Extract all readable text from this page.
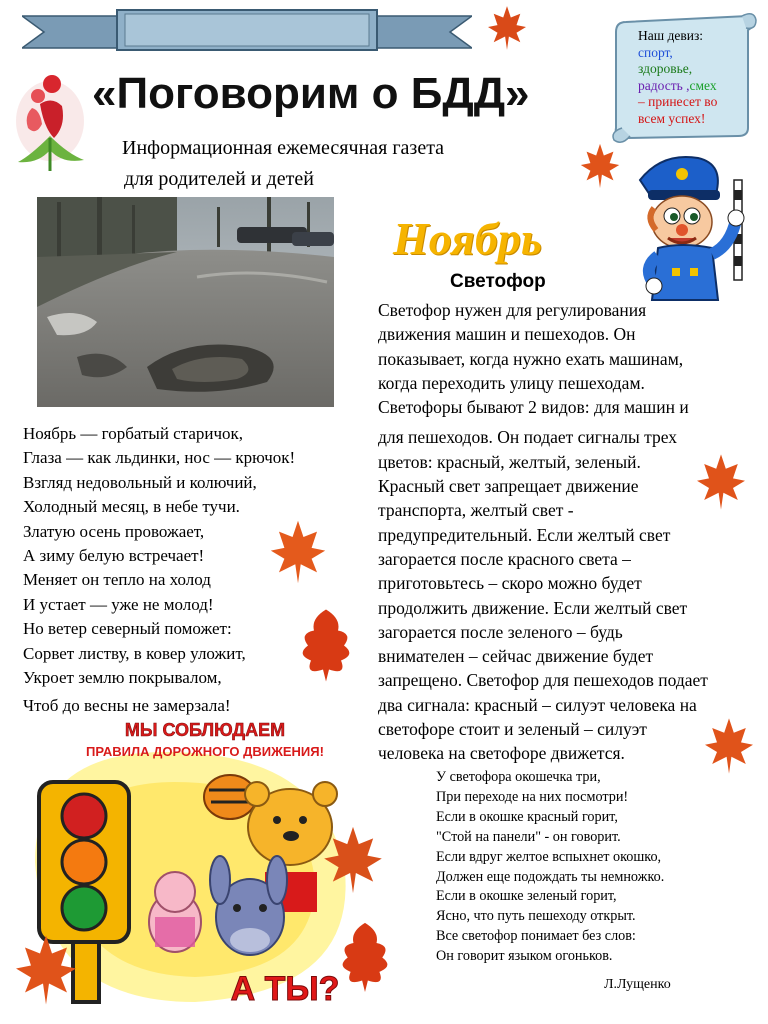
«Поговорим о БДД»
Информационная ежемесячная газета
для родителей и детей
Наш девиз:
спорт,
здоровье,
радость ,смех
– принесет во
всем успех!
Ноябрь
Светофор
Светофор нужен для регулирования
движения машин и пешеходов. Он
показывает, когда нужно ехать машинам,
когда переходить улицу пешеходам.
Светофоры бывают 2 видов: для машин и
для пешеходов. Он подает сигналы трех
цветов: красный, желтый, зеленый.
Красный свет запрещает движение
транспорта, желтый свет -
предупредительный. Если желтый свет
загорается после красного света –
приготовьтесь – скоро можно будет
продолжить движение. Если желтый свет
загорается после зеленого – будь
внимателен – сейчас движение будет
запрещено. Светофор для пешеходов подает
два сигнала: красный – силуэт человека на
светофоре стоит и зеленый – силуэт
человека на светофоре движется.
Ноябрь — горбатый старичок,
Глаза — как льдинки, нос — крючок!
Взгляд недовольный и колючий,
Холодный месяц, в небе тучи.
Златую осень провожает,
А зиму белую встречает!
Меняет он тепло на холод
И устает — уже не молод!
Но ветер северный поможет:
Сорвет листву, в ковер уложит,
Укроет землю покрывалом,
Чтоб до весны не замерзала!
У светофора окошечка три,
При переходе на них посмотри!
Если в окошке красный горит,
"Стой на панели" - он говорит.
Если вдруг желтое вспыхнет окошко,
Должен еще подождать ты немножко.
Если в окошке зеленый горит,
Ясно, что путь пешеходу открыт.
Все светофор понимает без слов:
Он говорит языком огоньков.
Л.Лущенко
МЫ СОБЛЮДАЕМ
ПРАВИЛА ДОРОЖНОГО ДВИЖЕНИЯ!
А ТЫ?
